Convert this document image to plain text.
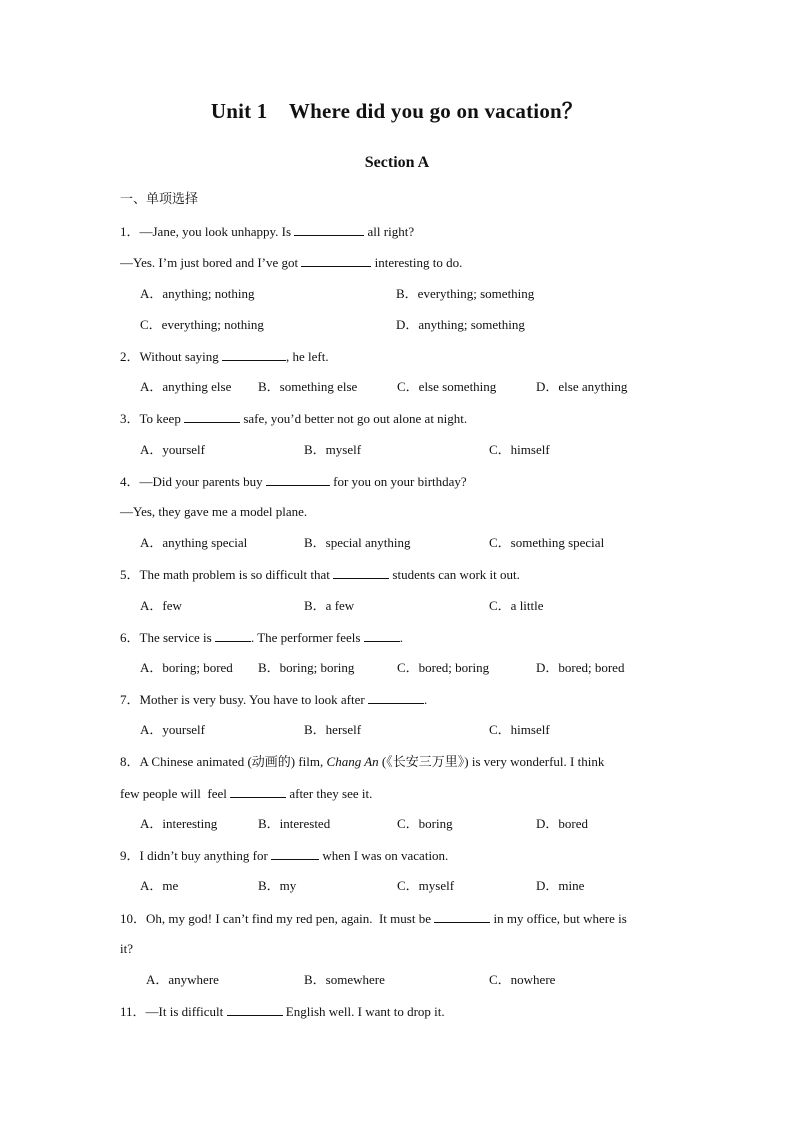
Unit 1    Where did you go on vacation？
Section A
一、单项选择
1．—Jane, you look unhappy. Is	all right?
—Yes. I’m just bored and I’ve got	interesting to do.
A．anything; nothing	B．everything; something
C．everything; nothing	D．anything; something
2．Without saying	, he left.
A．anything else B．something else	C．else something	D．else anything
3．To keep	safe, you’d better not go out alone at night.
A．yourself	B．myself	C．himself
4．—Did your parents buy	for you on your birthday?
—Yes, they gave me a model plane.
A．anything special	B．special anything	C．something special
5．The math problem is so difficult that	students can work it out.
A．few	B．a few	C．a little
6．The service is	. The performer feels	.
A．boring; bored B．boring; boring	C．bored; boring	D．bored; bored
7．Mother is very busy. You have to look after	.
A．yourself	B．herself	C．himself
8．A Chinese animated (动画的) film, Chang An (《长安三万里》) is very wonderful. I think
few people will  feel	after they see it.
A．interesting	B．interested	C．boring	D．bored
9．I didn’t buy anything for	when I was on vacation.
A．me	B．my	C．myself	D．mine
10．Oh, my god! I can’t find my red pen, again.  It must be	in my office, but where is
it?
A．anywhere	B．somewhere	C．nowhere
11．—It is difficult	English well. I want to drop it.
